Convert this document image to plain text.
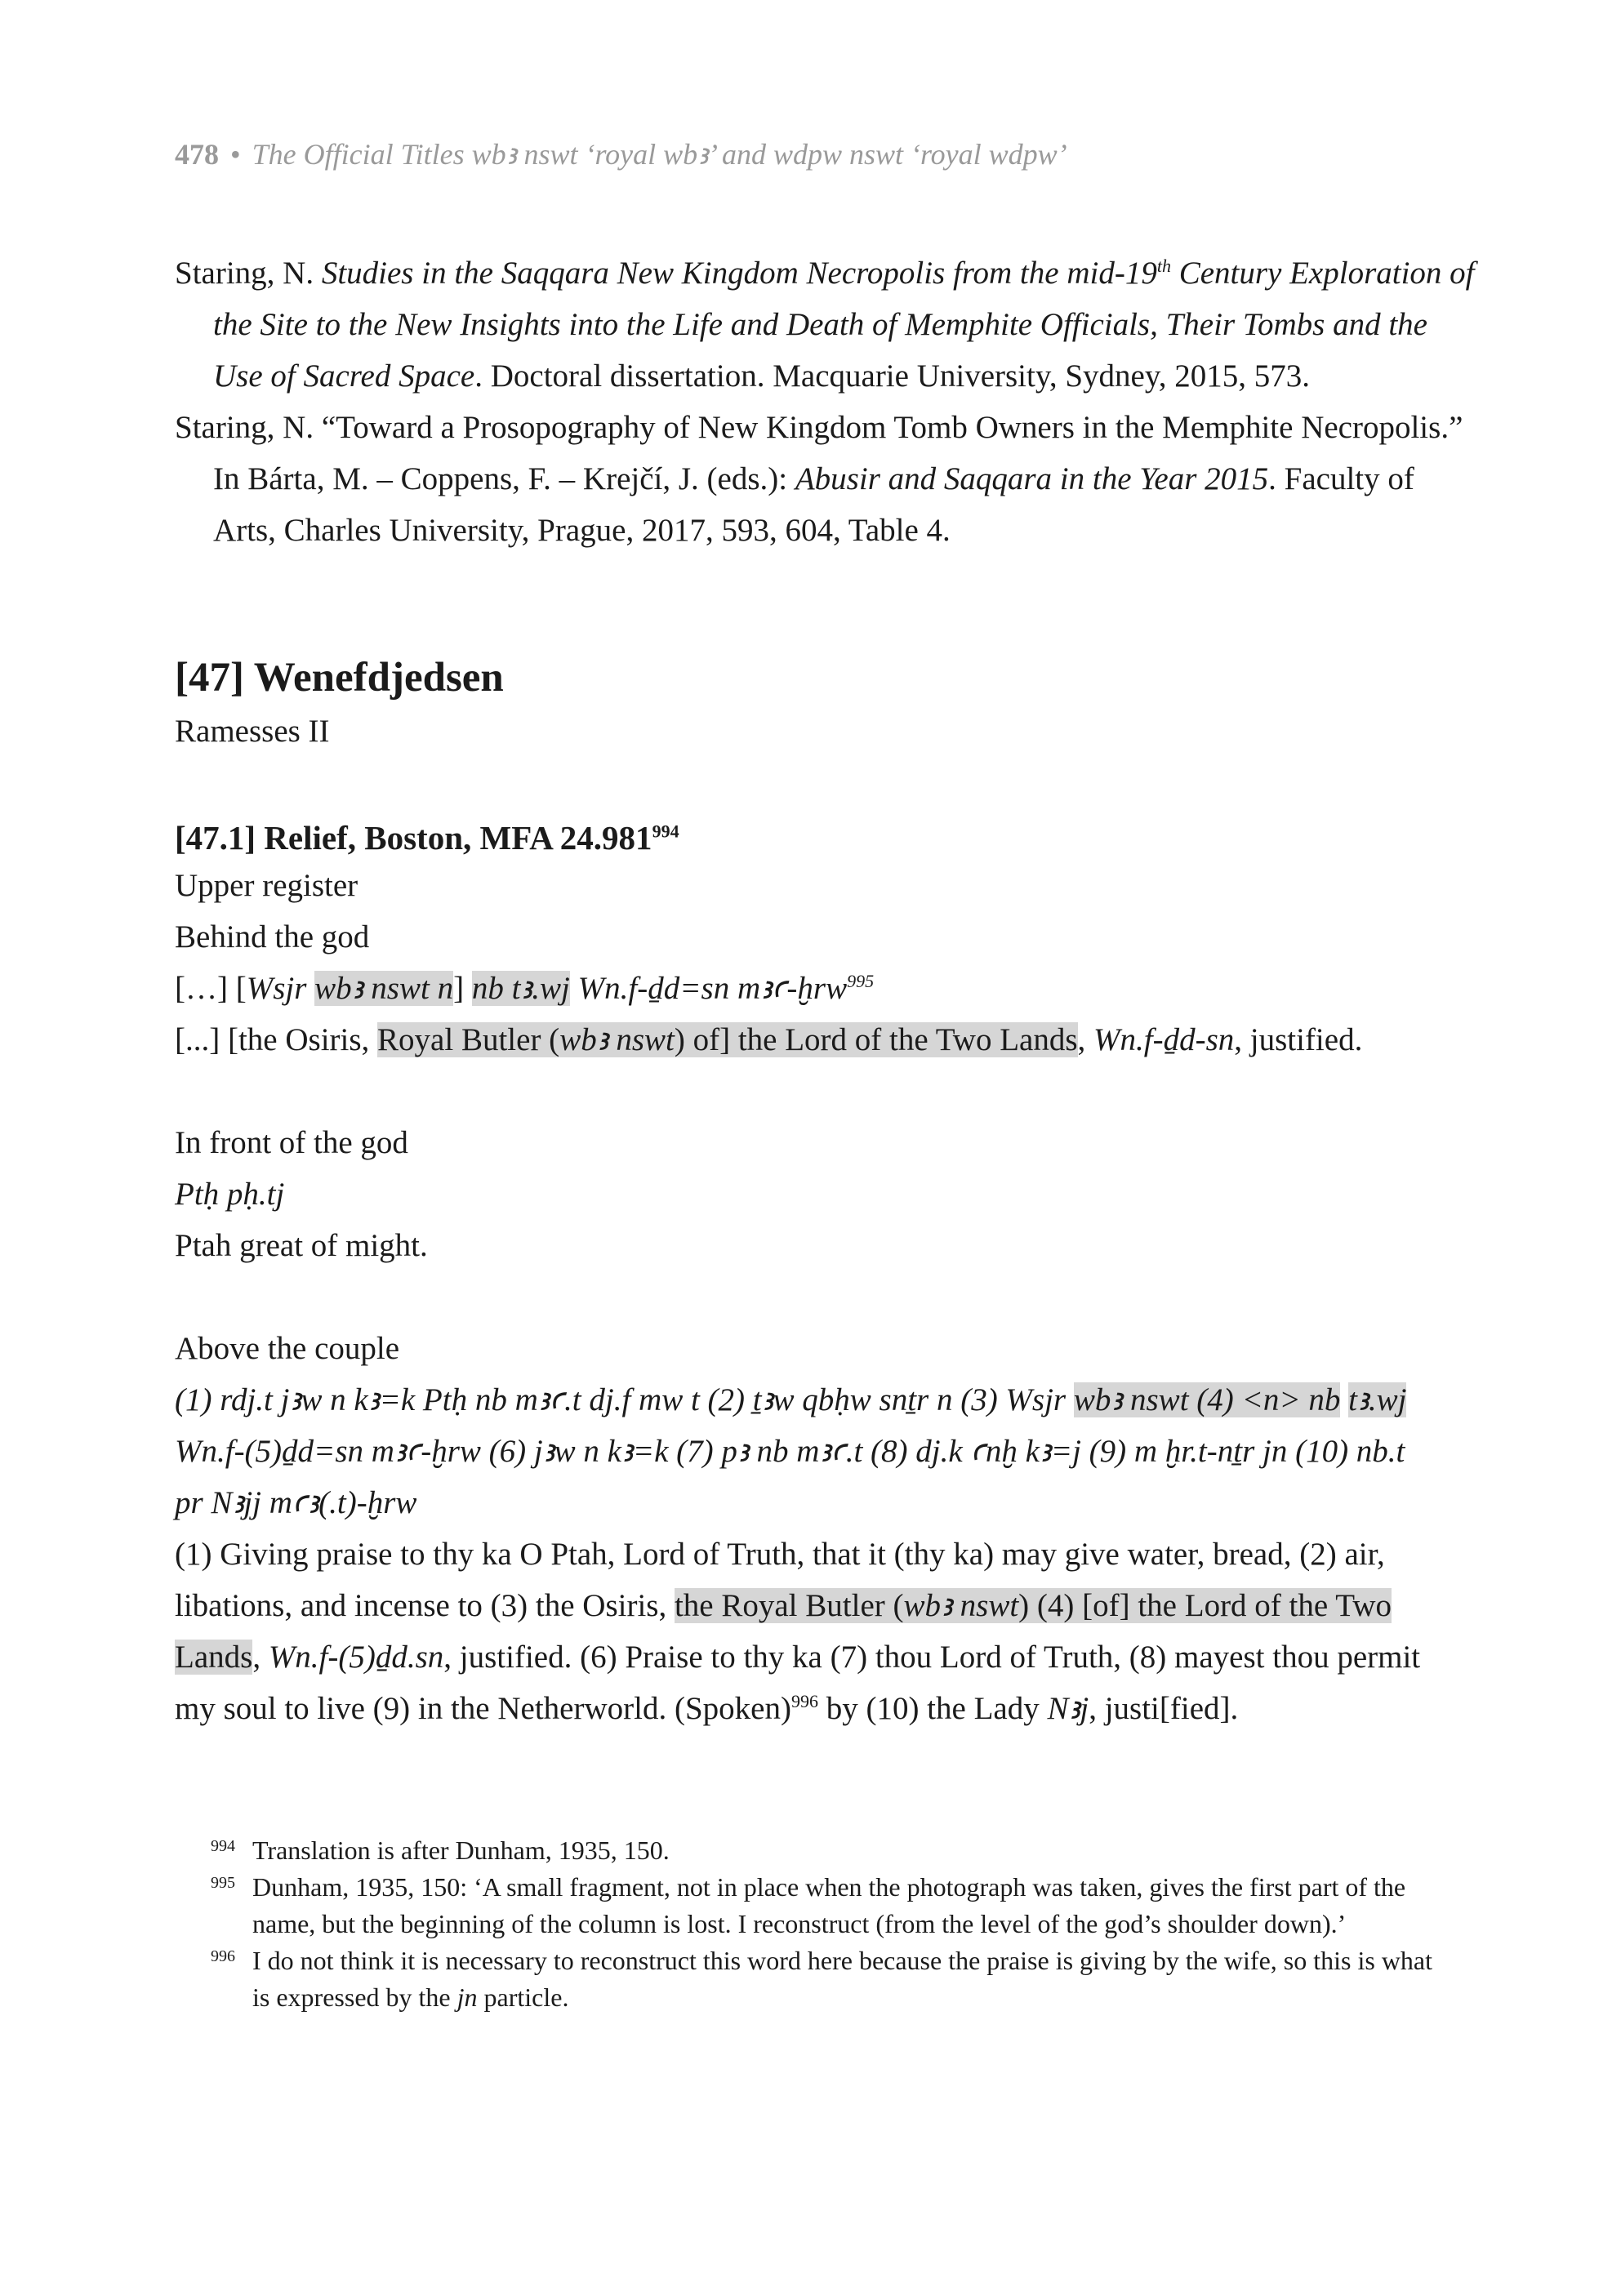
478 • The Official Titles wbꜣ nswt ‘royal wbꜣ’ and wdpw nswt ‘royal wdpw’
Staring, N. Studies in the Saqqara New Kingdom Necropolis from the mid-19th Century Exploration of the Site to the New Insights into the Life and Death of Memphite Officials, Their Tombs and the Use of Sacred Space. Doctoral dissertation. Macquarie University, Sydney, 2015, 573.
Staring, N. “Toward a Prosopography of New Kingdom Tomb Owners in the Memphite Necropolis.” In Bárta, M. – Coppens, F. – Krejčí, J. (eds.): Abusir and Saqqara in the Year 2015. Faculty of Arts, Charles University, Prague, 2017, 593, 604, Table 4.
[47] Wenefdjedsen
Ramesses II
[47.1] Relief, Boston, MFA 24.981$^{994}$
Upper register
Behind the god
[…] [Wsjr wbꜣ nswt n] nb tꜣ.wj Wn.f-ḏd=sn mꜣꜥ-ḫrw$^{995}$
[...] [the Osiris, Royal Butler (wbꜣ nswt) of] the Lord of the Two Lands, Wn.f-ḏd-sn, justified.
In front of the god
Ptḥ pḥ.tj
Ptah great of might.
Above the couple
(1) rdj.t jꜣw n kꜣ=k Ptḥ nb mꜣꜥ.t dj.f mw t (2) ṯꜣw qbḥw snṯr n (3) Wsjr wbꜣ nswt (4) <n> nb tꜣ.wj Wn.f-(5)ḏd=sn mꜣꜥ-ḫrw (6) jꜣw n kꜣ=k (7) pꜣ nb mꜣꜥ.t (8) dj.k ꜥnḫ kꜣ=j (9) m ḫr.t-nṯr jn (10) nb.t pr Nꜣjj mꜥꜣ(.t)-ḫrw
(1) Giving praise to thy ka O Ptah, Lord of Truth, that it (thy ka) may give water, bread, (2) air, libations, and incense to (3) the Osiris, the Royal Butler (wbꜣ nswt) (4) [of] the Lord of the Two Lands, Wn.f-(5)ḏd.sn, justified. (6) Praise to thy ka (7) thou Lord of Truth, (8) mayest thou permit my soul to live (9) in the Netherworld. (Spoken)$^{996}$ by (10) the Lady Nꜣj, justi[fied].
994 Translation is after Dunham, 1935, 150.
995 Dunham, 1935, 150: ‘A small fragment, not in place when the photograph was taken, gives the first part of the name, but the beginning of the column is lost. I reconstruct (from the level of the god’s shoulder down).’
996 I do not think it is necessary to reconstruct this word here because the praise is giving by the wife, so this is what is expressed by the jn particle.
